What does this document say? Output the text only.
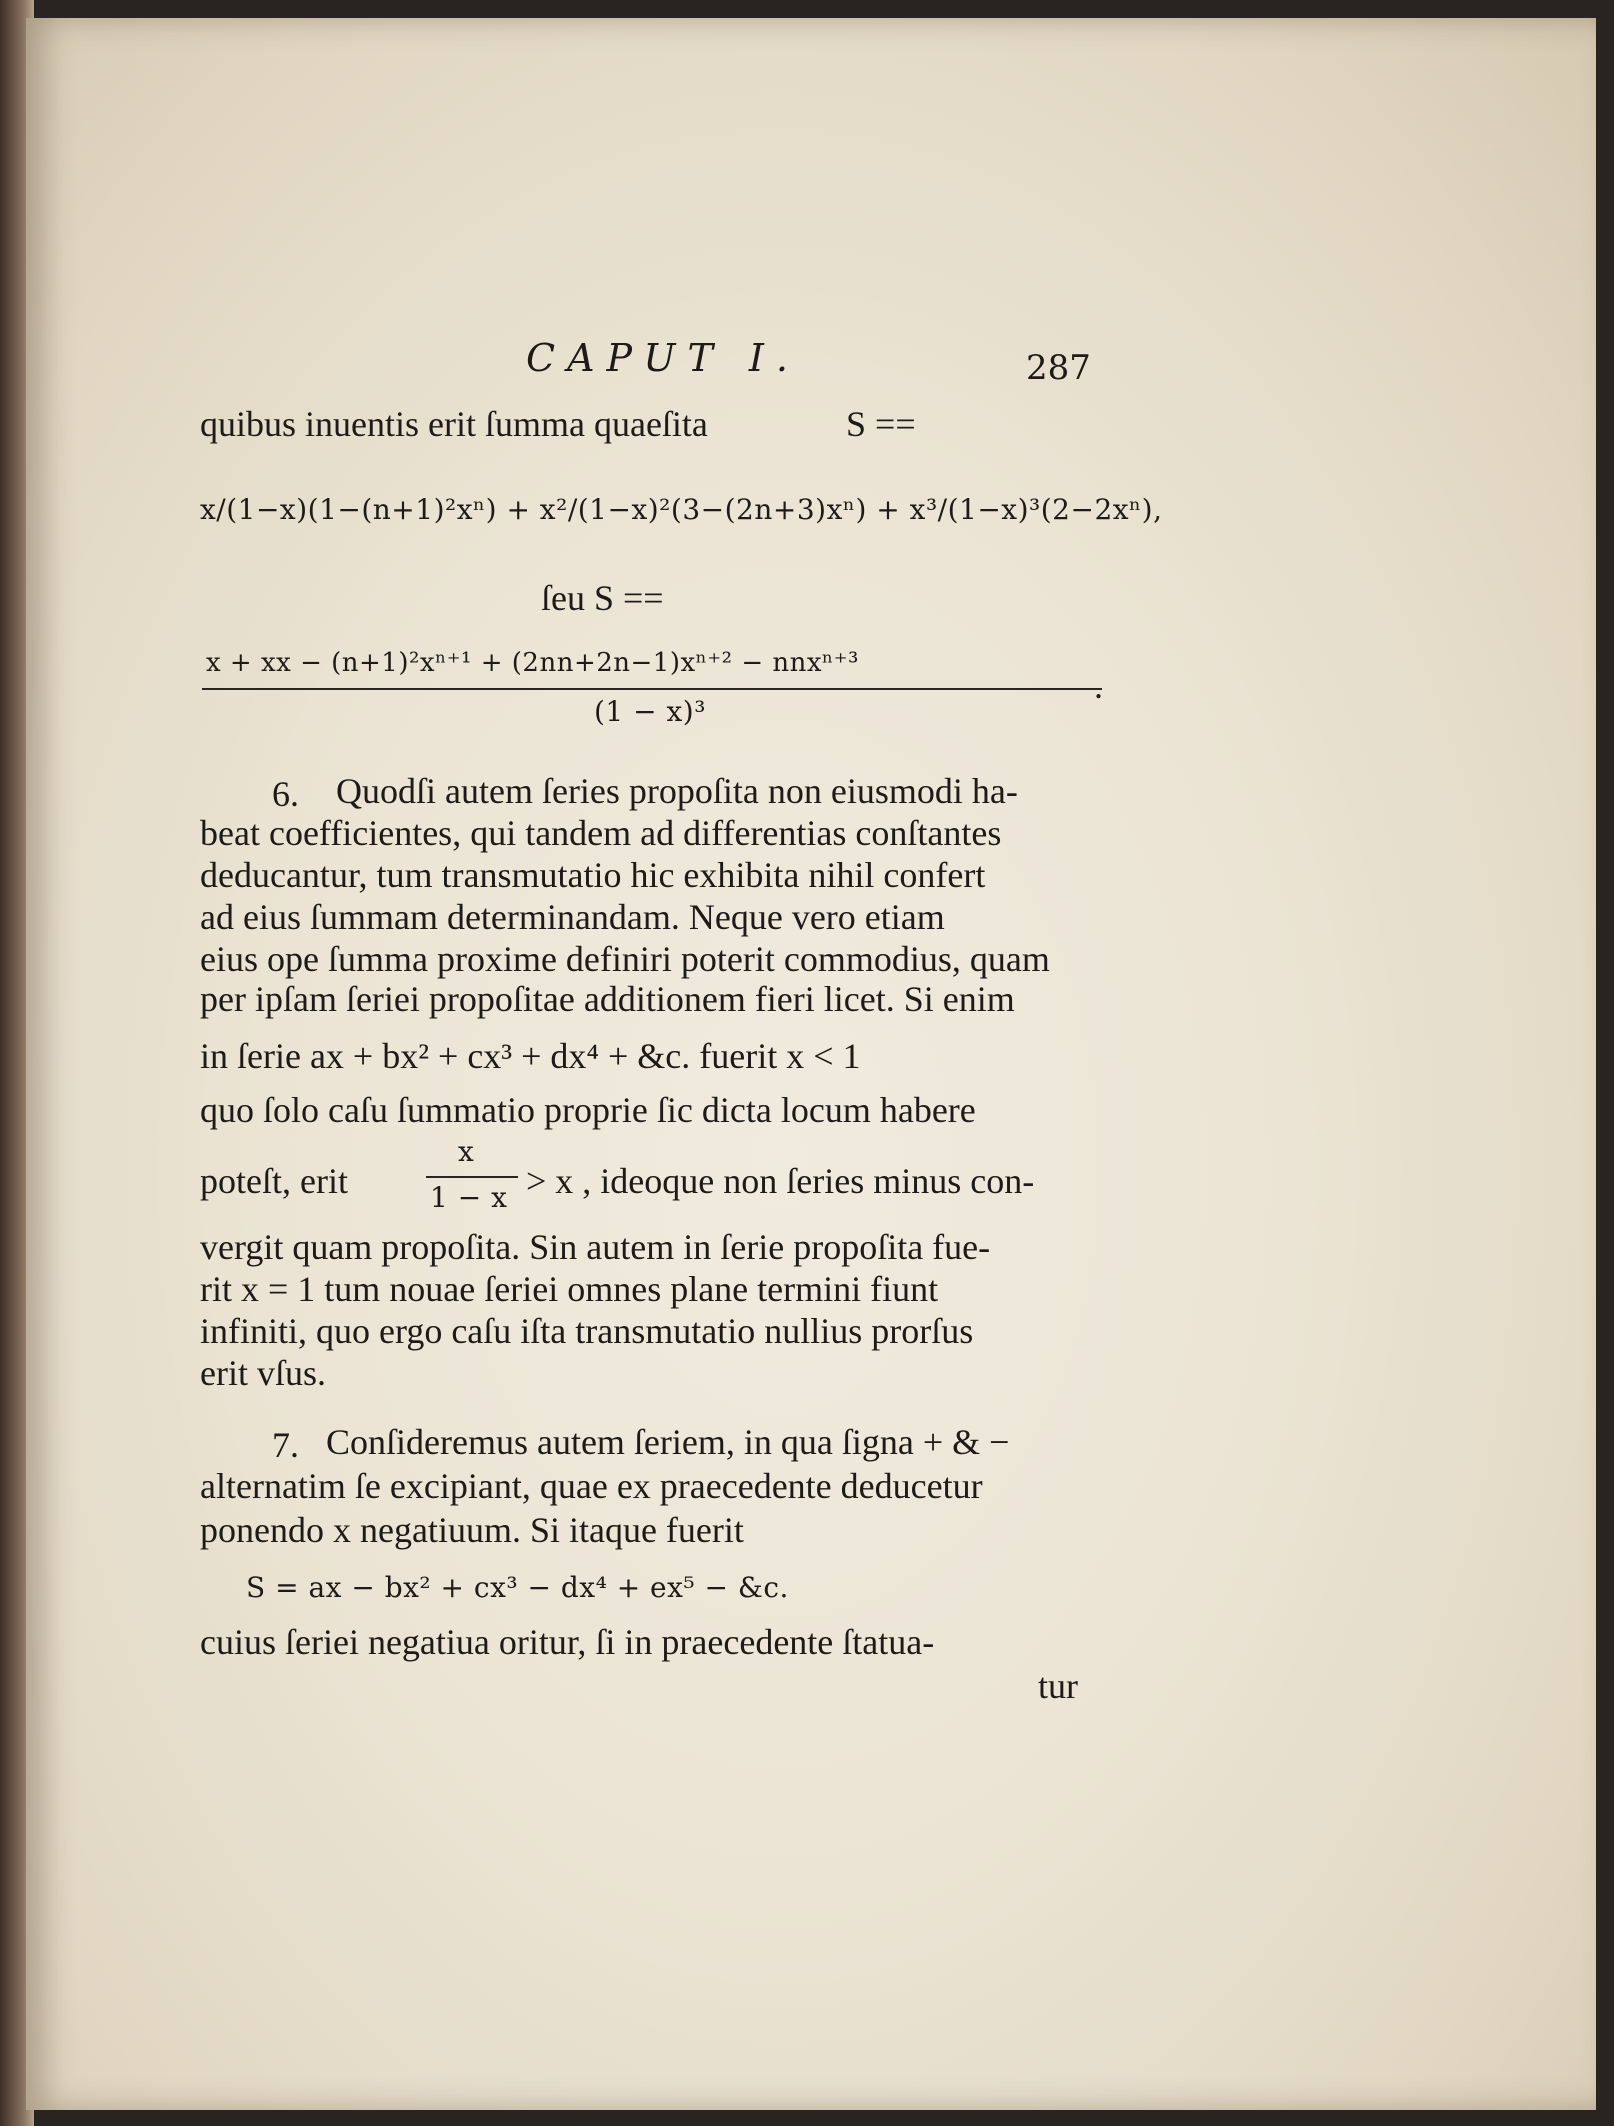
CAPUT I.	287
quibus inuentis erit ſumma quaeſita	S ==
x/(1−x)(1−(n+1)²xⁿ) + x²/(1−x)²(3−(2n+3)xⁿ) + x³/(1−x)³(2−2xⁿ),
ſeu S ==
x + xx − (n+1)²xⁿ⁺¹ + (2nn+2n−1)xⁿ⁺² − nnxⁿ⁺³
(1 − x)³
.
6. Quodſi autem ſeries propoſita non eiusmodi ha-
beat coefficientes, qui tandem ad differentias conſtantes
deducantur, tum transmutatio hic exhibita nihil confert
ad eius ſummam determinandam. Neque vero etiam
eius ope ſumma proxime definiri poterit commodius, quam
per ipſam ſeriei propoſitae additionem fieri licet. Si enim
in ſerie ax + bx² + cx³ + dx⁴ + &c. fuerit x < 1
quo ſolo caſu ſummatio proprie ſic dicta locum habere
poteſt, erit
x
1 − x > x , ideoque non ſeries minus con-
vergit quam propoſita. Sin autem in ſerie propoſita fue-
rit x = 1 tum nouae ſeriei omnes plane termini fiunt
infiniti, quo ergo caſu iſta transmutatio nullius prorſus
erit vſus.
7. Conſideremus autem ſeriem, in qua ſigna + & −
alternatim ſe excipiant, quae ex praecedente deducetur
ponendo x negatiuum. Si itaque fuerit
S = ax − bx² + cx³ − dx⁴ + ex⁵ − &c.
cuius ſeriei negatiua oritur, ſi in praecedente ſtatua-
tur
